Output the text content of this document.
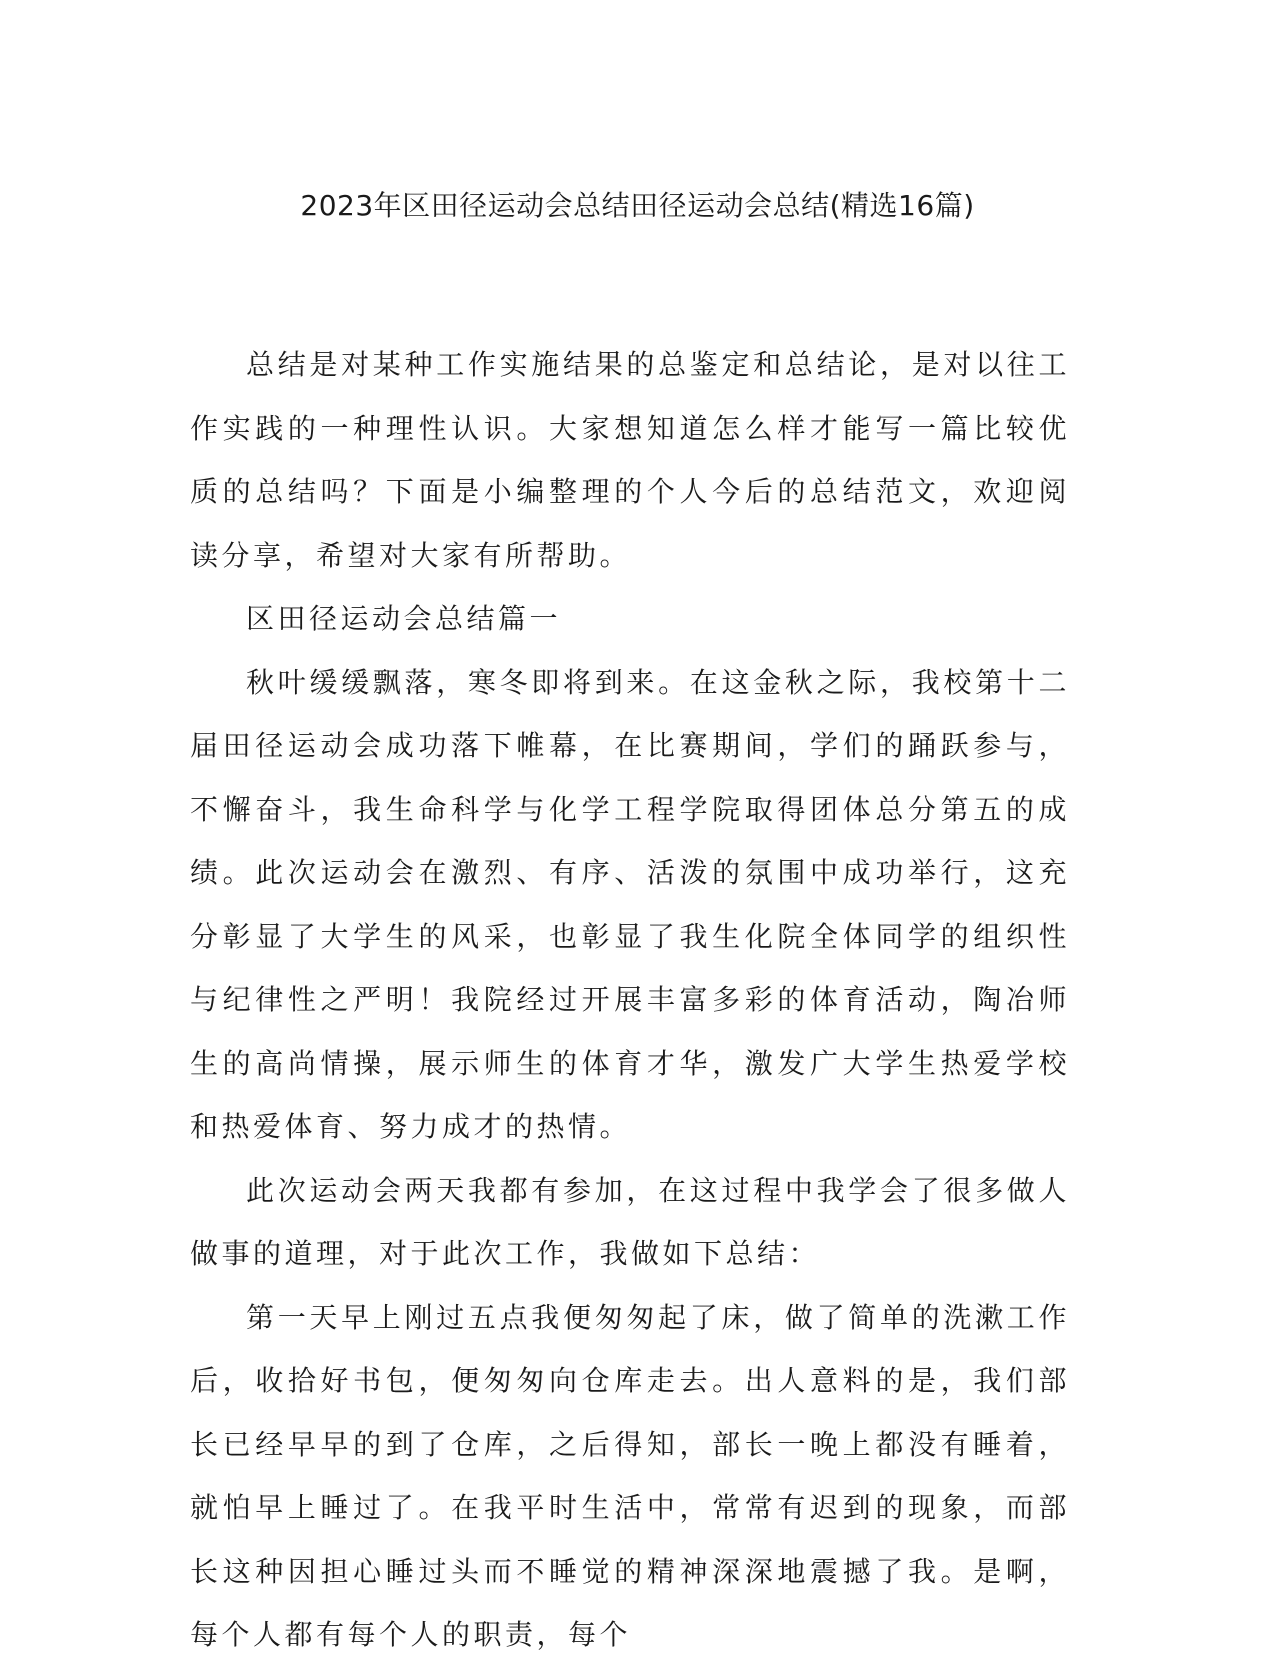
2023年区田径运动会总结田径运动会总结(精选16篇)

总结是对某种工作实施结果的总鉴定和总结论，是对以往工作实践的一种理性认识。大家想知道怎么样才能写一篇比较优质的总结吗？下面是小编整理的个人今后的总结范文，欢迎阅读分享，希望对大家有所帮助。

区田径运动会总结篇一

秋叶缓缓飘落，寒冬即将到来。在这金秋之际，我校第十二届田径运动会成功落下帷幕，在比赛期间，学们的踊跃参与，不懈奋斗，我生命科学与化学工程学院取得团体总分第五的成绩。此次运动会在激烈、有序、活泼的氛围中成功举行，这充分彰显了大学生的风采，也彰显了我生化院全体同学的组织性与纪律性之严明！我院经过开展丰富多彩的体育活动，陶冶师生的高尚情操，展示师生的体育才华，激发广大学生热爱学校和热爱体育、努力成才的热情。

此次运动会两天我都有参加，在这过程中我学会了很多做人做事的道理，对于此次工作，我做如下总结：

第一天早上刚过五点我便匆匆起了床，做了简单的洗漱工作后，收拾好书包，便匆匆向仓库走去。出人意料的是，我们部长已经早早的到了仓库，之后得知，部长一晚上都没有睡着，就怕早上睡过了。在我平时生活中，常常有迟到的现象，而部长这种因担心睡过头而不睡觉的精神深深地震撼了我。是啊，每个人都有每个人的职责，每个
